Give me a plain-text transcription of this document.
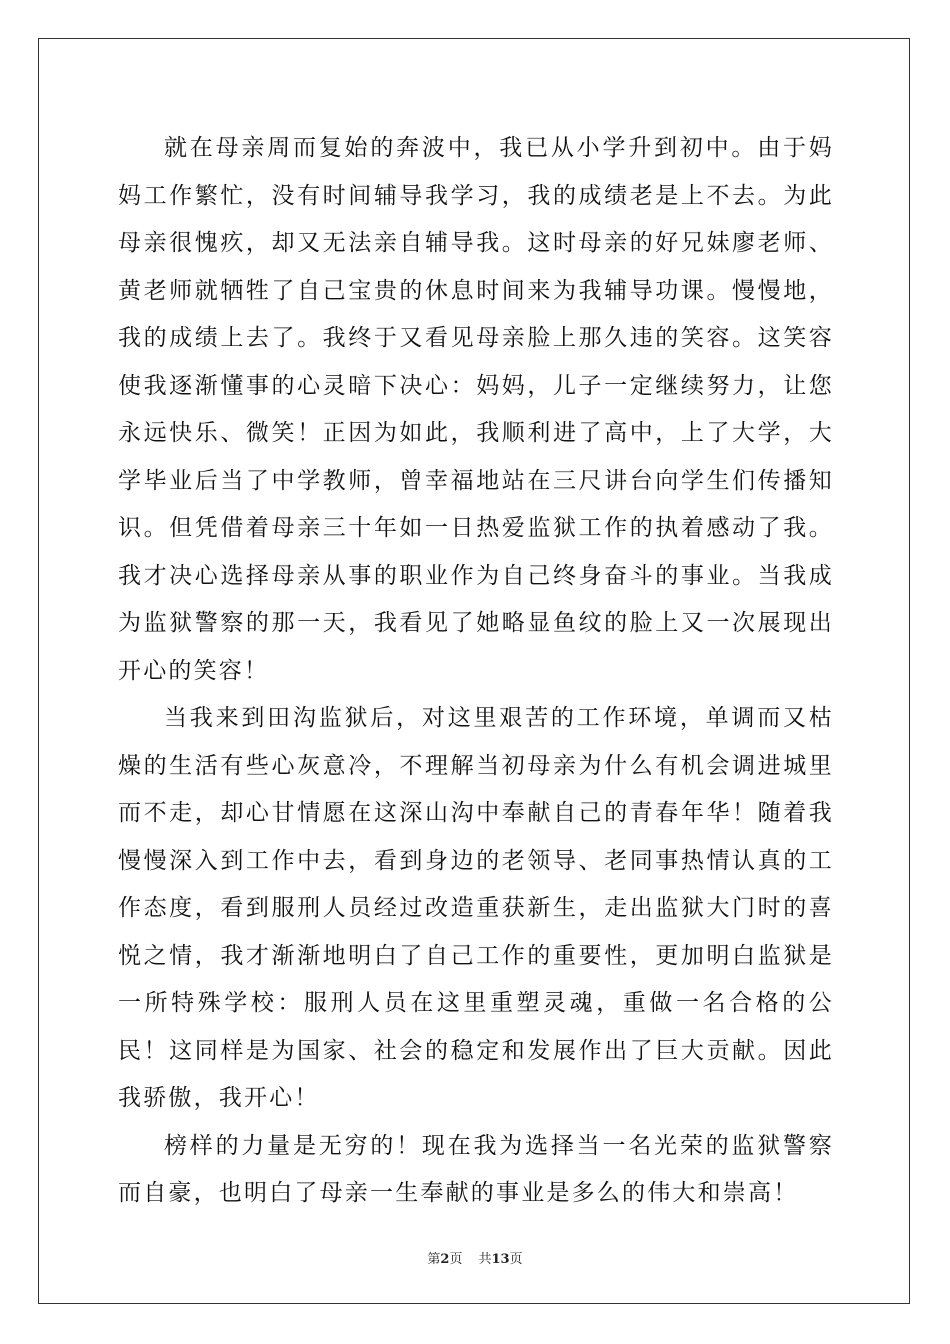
就在母亲周而复始的奔波中，我已从小学升到初中。由于妈妈工作繁忙，没有时间辅导我学习，我的成绩老是上不去。为此母亲很愧疚，却又无法亲自辅导我。这时母亲的好兄妹廖老师、黄老师就牺牲了自己宝贵的休息时间来为我辅导功课。慢慢地，我的成绩上去了。我终于又看见母亲脸上那久违的笑容。这笑容使我逐渐懂事的心灵暗下决心：妈妈，儿子一定继续努力，让您永远快乐、微笑！正因为如此，我顺利进了高中，上了大学，大学毕业后当了中学教师，曾幸福地站在三尺讲台向学生们传播知识。但凭借着母亲三十年如一日热爱监狱工作的执着感动了我。我才决心选择母亲从事的职业作为自己终身奋斗的事业。当我成为监狱警察的那一天，我看见了她略显鱼纹的脸上又一次展现出开心的笑容！

当我来到田沟监狱后，对这里艰苦的工作环境，单调而又枯燥的生活有些心灰意冷，不理解当初母亲为什么有机会调进城里而不走，却心甘情愿在这深山沟中奉献自己的青春年华！随着我慢慢深入到工作中去，看到身边的老领导、老同事热情认真的工作态度，看到服刑人员经过改造重获新生，走出监狱大门时的喜悦之情，我才渐渐地明白了自己工作的重要性，更加明白监狱是一所特殊学校：服刑人员在这里重塑灵魂，重做一名合格的公民！这同样是为国家、社会的稳定和发展作出了巨大贡献。因此我骄傲，我开心！

榜样的力量是无穷的！现在我为选择当一名光荣的监狱警察而自豪，也明白了母亲一生奉献的事业是多么的伟大和崇高！

第2页 共13页
